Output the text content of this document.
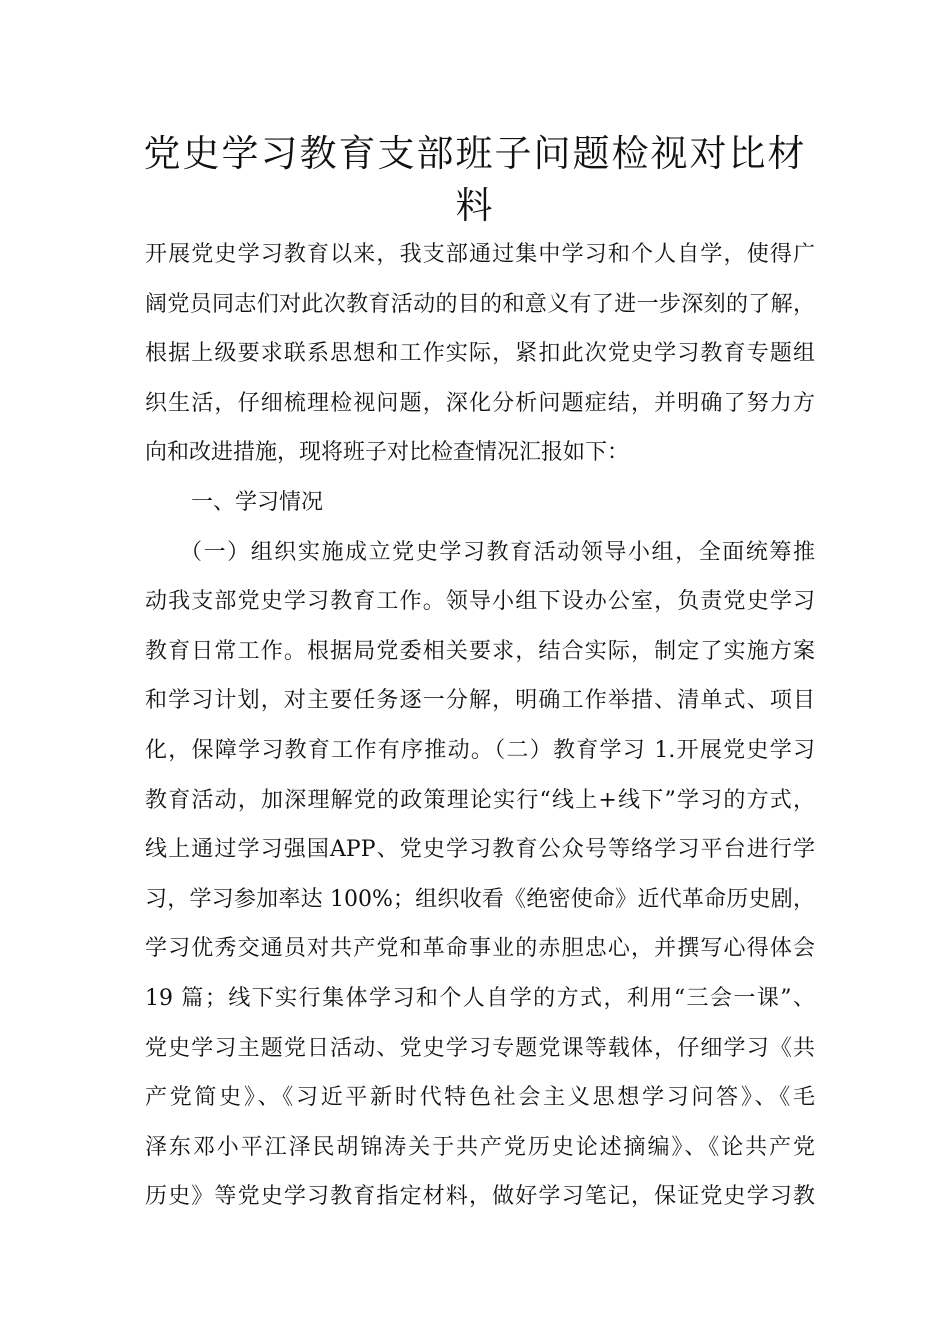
党史学习教育支部班子问题检视对比材
料
开展党史学习教育以来，我支部通过集中学习和个人自学，使得广
阔党员同志们对此次教育活动的目的和意义有了进一步深刻的了解，
根据上级要求联系思想和工作实际，紧扣此次党史学习教育专题组
织生活，仔细梳理检视问题，深化分析问题症结，并明确了努力方
向和改进措施，现将班子对比检查情况汇报如下：
一、学习情况
（一）组织实施成立党史学习教育活动领导小组，全面统筹推
动我支部党史学习教育工作。领导小组下设办公室，负责党史学习
教育日常工作。根据局党委相关要求，结合实际，制定了实施方案
和学习计划，对主要任务逐一分解，明确工作举措、清单式、项目
化，保障学习教育工作有序推动。（二）教育学习 1.开展党史学习
教育活动，加深理解党的政策理论实行“线上+线下”学习的方式，
线上通过学习强国APP、党史学习教育公众号等络学习平台进行学
习，学习参加率达 100%；组织收看《绝密使命》近代革命历史剧，
学习优秀交通员对共产党和革命事业的赤胆忠心，并撰写心得体会
19 篇；线下实行集体学习和个人自学的方式，利用“三会一课”、
党史学习主题党日活动、党史学习专题党课等载体，仔细学习《共
产党简史》、《习近平新时代特色社会主义思想学习问答》、《毛
泽东邓小平江泽民胡锦涛关于共产党历史论述摘编》、《论共产党
历史》等党史学习教育指定材料，做好学习笔记，保证党史学习教
